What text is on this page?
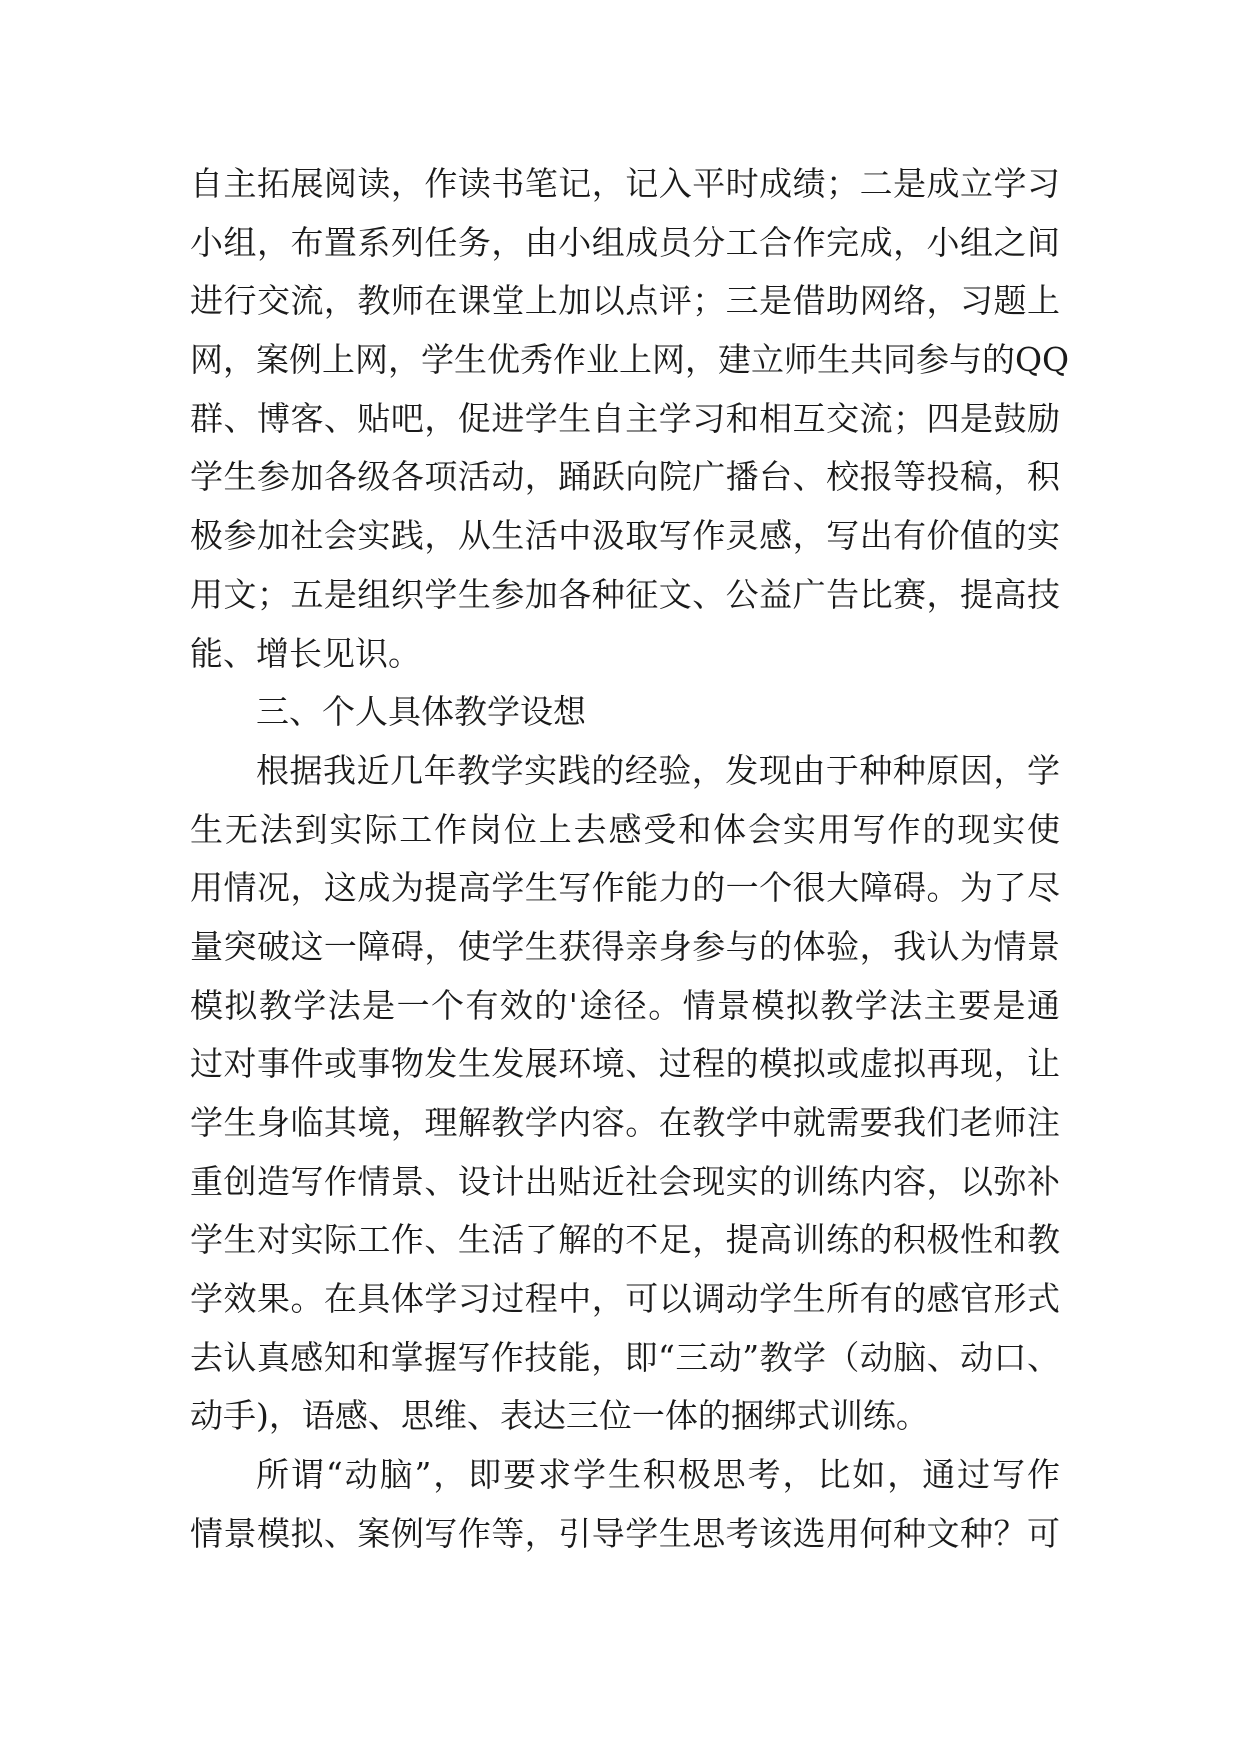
自主拓展阅读，作读书笔记，记入平时成绩；二是成立学习

小组，布置系列任务，由小组成员分工合作完成，小组之间

进行交流，教师在课堂上加以点评；三是借助网络，习题上

网，案例上网，学生优秀作业上网，建立师生共同参与的QQ

群、博客、贴吧，促进学生自主学习和相互交流；四是鼓励

学生参加各级各项活动，踊跃向院广播台、校报等投稿，积

极参加社会实践，从生活中汲取写作灵感，写出有价值的实

用文；五是组织学生参加各种征文、公益广告比赛，提高技

能、增长见识。

三、个人具体教学设想

根据我近几年教学实践的经验，发现由于种种原因，学

生无法到实际工作岗位上去感受和体会实用写作的现实使

用情况，这成为提高学生写作能力的一个很大障碍。为了尽

量突破这一障碍，使学生获得亲身参与的体验，我认为情景

模拟教学法是一个有效的'途径。情景模拟教学法主要是通

过对事件或事物发生发展环境、过程的模拟或虚拟再现，让

学生身临其境，理解教学内容。在教学中就需要我们老师注

重创造写作情景、设计出贴近社会现实的训练内容，以弥补

学生对实际工作、生活了解的不足，提高训练的积极性和教

学效果。在具体学习过程中，可以调动学生所有的感官形式

去认真感知和掌握写作技能，即“三动”教学（动脑、动口、

动手)，语感、思维、表达三位一体的捆绑式训练。

所谓“动脑”，即要求学生积极思考，比如，通过写作

情景模拟、案例写作等，引导学生思考该选用何种文种？可
